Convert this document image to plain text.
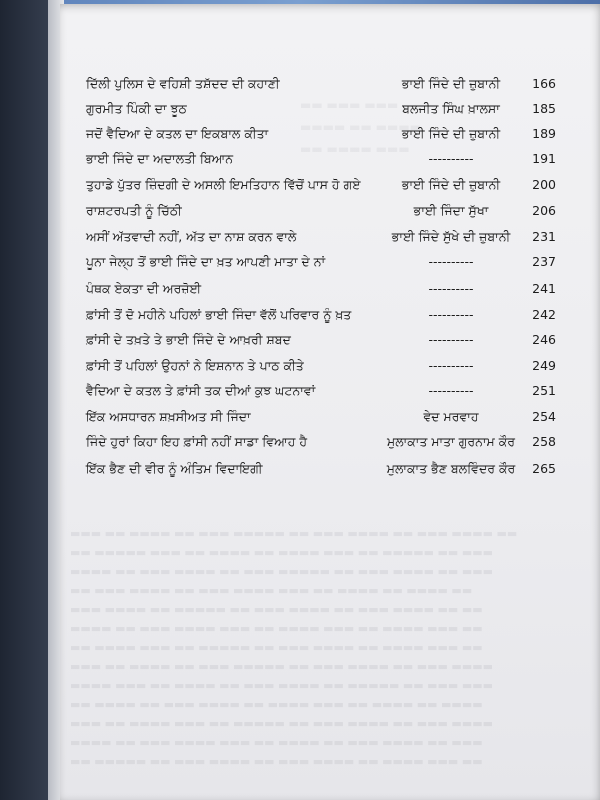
▬▬ ▬▬▬ ▬▬▬
▬▬▬▬ ▬▬ ▬▬▬▬
▬▬ ▬▬▬▬ ▬▬▬
▬▬▬ ▬▬ ▬▬▬▬ ▬▬ ▬▬▬ ▬▬▬▬▬ ▬▬ ▬▬▬ ▬▬▬▬ ▬▬ ▬▬▬ ▬▬▬▬ ▬▬
▬▬ ▬▬▬▬▬ ▬▬▬ ▬▬ ▬▬▬▬ ▬▬ ▬▬▬▬ ▬▬▬ ▬▬ ▬▬▬▬▬ ▬▬ ▬▬▬
▬▬▬▬ ▬▬ ▬▬▬ ▬▬▬▬ ▬▬ ▬▬▬ ▬▬▬▬▬ ▬▬ ▬▬▬ ▬▬▬▬ ▬▬ ▬▬▬
▬▬ ▬▬▬ ▬▬▬▬ ▬▬ ▬▬▬ ▬▬▬▬ ▬▬▬ ▬▬ ▬▬▬▬ ▬▬ ▬▬▬▬ ▬▬
▬▬▬ ▬▬▬▬ ▬▬ ▬▬▬▬▬ ▬▬ ▬▬▬ ▬▬▬▬ ▬▬ ▬▬▬ ▬▬▬▬ ▬▬ ▬▬
▬▬▬▬ ▬▬ ▬▬▬ ▬▬▬▬ ▬▬▬ ▬▬ ▬▬▬▬ ▬▬▬ ▬▬ ▬▬▬▬ ▬▬▬ ▬▬
▬▬ ▬▬▬▬ ▬▬▬ ▬▬ ▬▬▬▬▬ ▬▬ ▬▬▬ ▬▬▬▬ ▬▬ ▬▬▬▬ ▬▬▬ ▬▬
▬▬▬ ▬▬ ▬▬▬▬ ▬▬ ▬▬▬ ▬▬▬▬▬ ▬▬ ▬▬▬ ▬▬▬▬ ▬▬ ▬▬▬ ▬▬▬▬
▬▬▬▬ ▬▬▬ ▬▬ ▬▬▬▬ ▬▬ ▬▬▬ ▬▬▬▬ ▬▬ ▬▬▬▬▬ ▬▬ ▬▬▬ ▬▬▬
▬▬ ▬▬▬▬ ▬▬ ▬▬▬ ▬▬▬▬ ▬▬ ▬▬▬▬ ▬▬▬ ▬▬ ▬▬▬▬ ▬▬ ▬▬▬▬
▬▬▬ ▬▬ ▬▬▬▬ ▬▬▬ ▬▬ ▬▬▬▬▬ ▬▬ ▬▬▬ ▬▬▬▬ ▬▬ ▬▬▬ ▬▬▬▬
▬▬▬▬ ▬▬ ▬▬▬ ▬▬▬▬ ▬▬▬ ▬▬ ▬▬▬▬ ▬▬ ▬▬▬ ▬▬▬▬ ▬▬ ▬▬▬
▬▬ ▬▬▬▬▬ ▬▬ ▬▬▬ ▬▬▬▬ ▬▬ ▬▬▬ ▬▬▬▬ ▬▬ ▬▬▬▬ ▬▬▬ ▬▬
ਦਿੱਲੀ ਪੁਲਿਸ ਦੇ ਵਹਿਸ਼ੀ ਤਸ਼ੱਦਦ ਦੀ ਕਹਾਣੀ	ਭਾਈ ਜਿੰਦੇ ਦੀ ਜ਼ੁਬਾਨੀ	166
ਗੁਰਮੀਤ ਪਿੰਕੀ ਦਾ ਝੂਠ	ਬਲਜੀਤ ਸਿੰਘ ਖ਼ਾਲਸਾ	185
ਜਦੋਂ ਵੈਦਿਆ ਦੇ ਕਤਲ ਦਾ ਇਕਬਾਲ ਕੀਤਾ	ਭਾਈ ਜਿੰਦੇ ਦੀ ਜ਼ੁਬਾਨੀ	189
ਭਾਈ ਜਿੰਦੇ ਦਾ ਅਦਾਲਤੀ ਬਿਆਨ	----------	191
ਤੁਹਾਡੇ ਪੁੱਤਰ ਜ਼ਿੰਦਗੀ ਦੇ ਅਸਲੀ ਇਮਤਿਹਾਨ ਵਿੱਚੋਂ ਪਾਸ ਹੋ ਗਏ	ਭਾਈ ਜਿੰਦੇ ਦੀ ਜ਼ੁਬਾਨੀ	200
ਰਾਸ਼ਟਰਪਤੀ ਨੂੰ ਚਿੱਠੀ	ਭਾਈ ਜਿੰਦਾ ਸੁੱਖਾ	206
ਅਸੀਂ ਅੱਤਵਾਦੀ ਨਹੀਂ, ਅੱਤ ਦਾ ਨਾਸ਼ ਕਰਨ ਵਾਲੇ	ਭਾਈ ਜਿੰਦੇ ਸੁੱਖੇ ਦੀ ਜ਼ੁਬਾਨੀ	231
ਪੂਨਾ ਜੇਲ੍ਹ ਤੋਂ ਭਾਈ ਜਿੰਦੇ ਦਾ ਖ਼ਤ ਆਪਣੀ ਮਾਤਾ ਦੇ ਨਾਂ	----------	237
ਪੰਥਕ ਏਕਤਾ ਦੀ ਅਰਜ਼ੋਈ	----------	241
ਫ਼ਾਂਸੀ ਤੋਂ ਦੋ ਮਹੀਨੇ ਪਹਿਲਾਂ ਭਾਈ ਜਿੰਦਾ ਵੱਲੋਂ ਪਰਿਵਾਰ ਨੂੰ ਖ਼ਤ	----------	242
ਫ਼ਾਂਸੀ ਦੇ ਤਖ਼ਤੇ ਤੇ ਭਾਈ ਜਿੰਦੇ ਦੇ ਆਖ਼ਰੀ ਸ਼ਬਦ	----------	246
ਫ਼ਾਂਸੀ ਤੋਂ ਪਹਿਲਾਂ ਉਹਨਾਂ ਨੇ ਇਸ਼ਨਾਨ ਤੇ ਪਾਠ ਕੀਤੇ	----------	249
ਵੈਦਿਆ ਦੇ ਕਤਲ ਤੇ ਫ਼ਾਂਸੀ ਤਕ ਦੀਆਂ ਕੁਝ ਘਟਨਾਵਾਂ	----------	251
ਇੱਕ ਅਸਧਾਰਨ ਸ਼ਖ਼ਸੀਅਤ ਸੀ ਜਿੰਦਾ	ਵੇਦ ਮਰਵਾਹ	254
ਜਿੰਦੇ ਹੁਰਾਂ ਕਿਹਾ ਇਹ ਫ਼ਾਂਸੀ ਨਹੀਂ ਸਾਡਾ ਵਿਆਹ ਹੈ	ਮੁਲਾਕਾਤ ਮਾਤਾ ਗੁਰਨਾਮ ਕੌਰ	258
ਇੱਕ ਭੈਣ ਦੀ ਵੀਰ ਨੂੰ ਅੰਤਿਮ ਵਿਦਾਇਗੀ	ਮੁਲਾਕਾਤ ਭੈਣ ਬਲਵਿੰਦਰ ਕੌਰ	265
